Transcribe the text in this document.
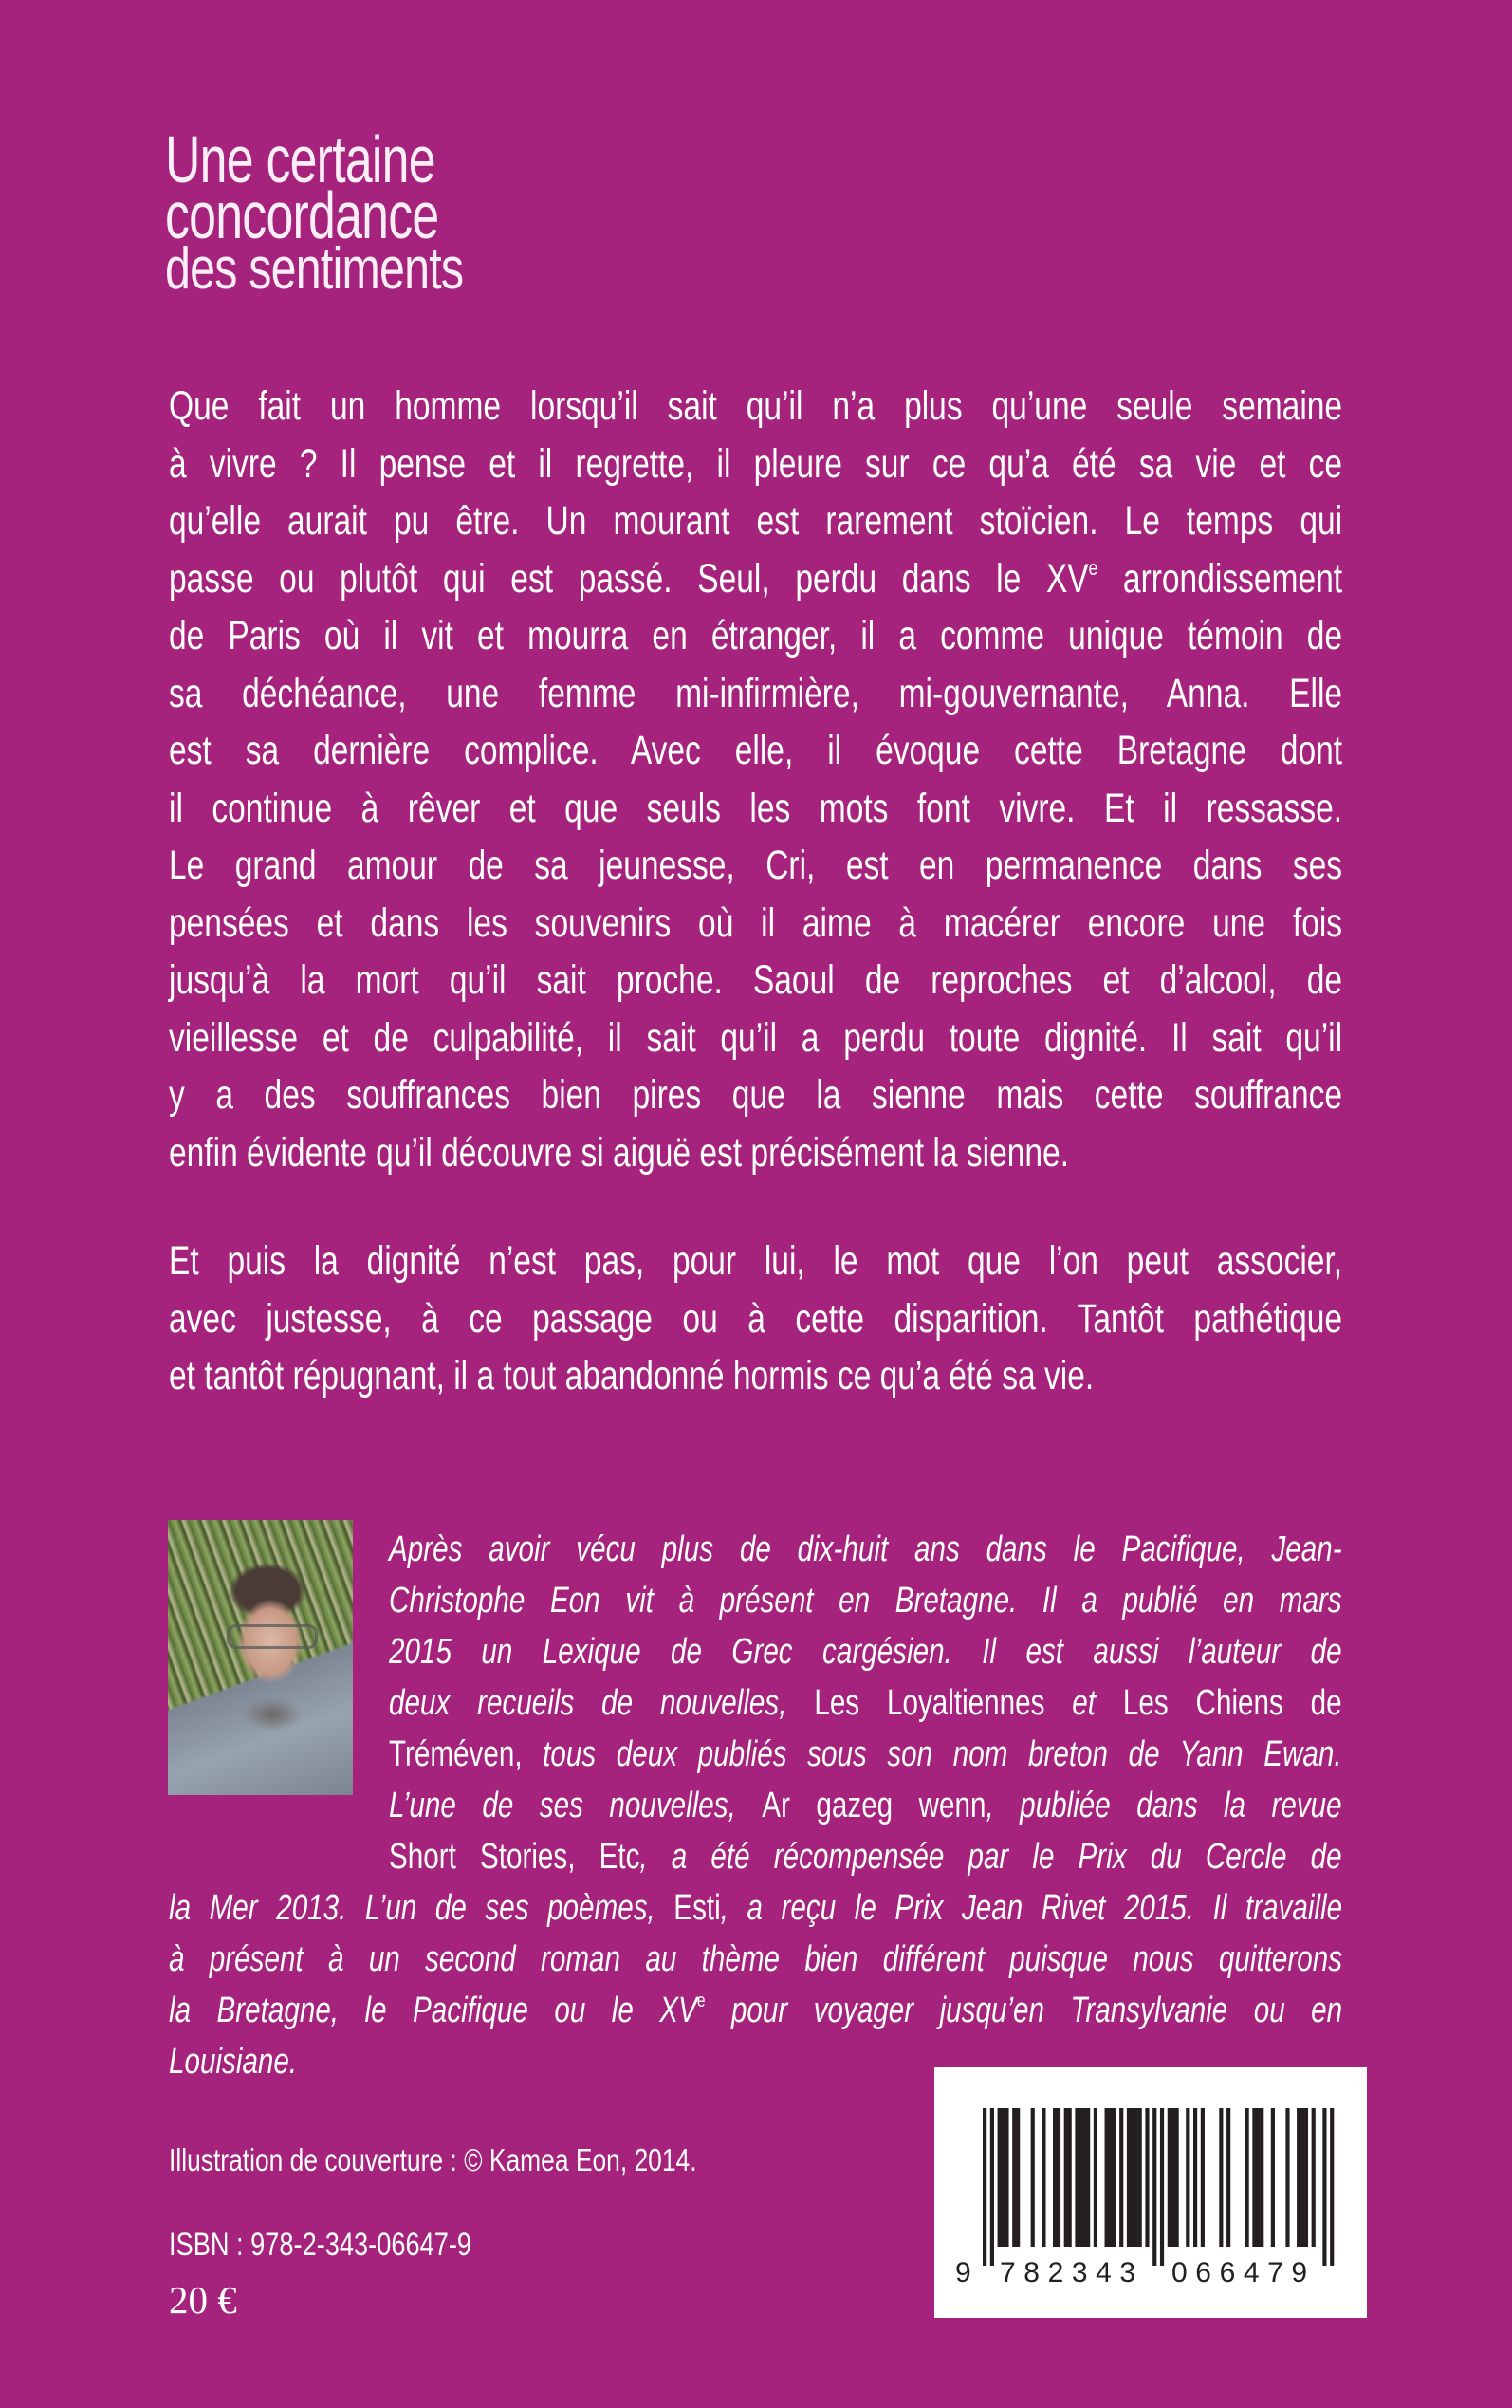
Une certaine
concordance
des sentiments
Que fait un homme lorsqu’il sait qu’il n’a plus qu’une seule semaine
à vivre ? Il pense et il regrette, il pleure sur ce qu’a été sa vie et ce
qu’elle aurait pu être. Un mourant est rarement stoïcien. Le temps qui
passe ou plutôt qui est passé. Seul, perdu dans le XVe arrondissement
de Paris où il vit et mourra en étranger, il a comme unique témoin de
sa déchéance, une femme mi-infirmière, mi-gouvernante, Anna. Elle
est sa dernière complice. Avec elle, il évoque cette Bretagne dont
il continue à rêver et que seuls les mots font vivre. Et il ressasse.
Le grand amour de sa jeunesse, Cri, est en permanence dans ses
pensées et dans les souvenirs où il aime à macérer encore une fois
jusqu’à la mort qu’il sait proche. Saoul de reproches et d’alcool, de
vieillesse et de culpabilité, il sait qu’il a perdu toute dignité. Il sait qu’il
y a des souffrances bien pires que la sienne mais cette souffrance
enfin évidente qu’il découvre si aiguë est précisément la sienne.
Et puis la dignité n’est pas, pour lui, le mot que l’on peut associer,
avec justesse, à ce passage ou à cette disparition. Tantôt pathétique
et tantôt répugnant, il a tout abandonné hormis ce qu’a été sa vie.
Après avoir vécu plus de dix-huit ans dans le Pacifique, Jean-
Christophe Eon vit à présent en Bretagne. Il a publié en mars
2015 un Lexique de Grec cargésien. Il est aussi l’auteur de
deux recueils de nouvelles, Les Loyaltiennes et Les Chiens de
Tréméven, tous deux publiés sous son nom breton de Yann Ewan.
L’une de ses nouvelles, Ar gazeg wenn, publiée dans la revue
Short Stories, Etc, a été récompensée par le Prix du Cercle de
la Mer 2013. L’un de ses poèmes, Esti, a reçu le Prix Jean Rivet 2015. Il travaille
à présent à un second roman au thème bien différent puisque nous quitterons
la Bretagne, le Pacifique ou le XVe pour voyager jusqu’en Transylvanie ou en
Louisiane.
Illustration de couverture : © Kamea Eon, 2014.
ISBN : 978-2-343-06647-9
20 €
9 782343 066479
